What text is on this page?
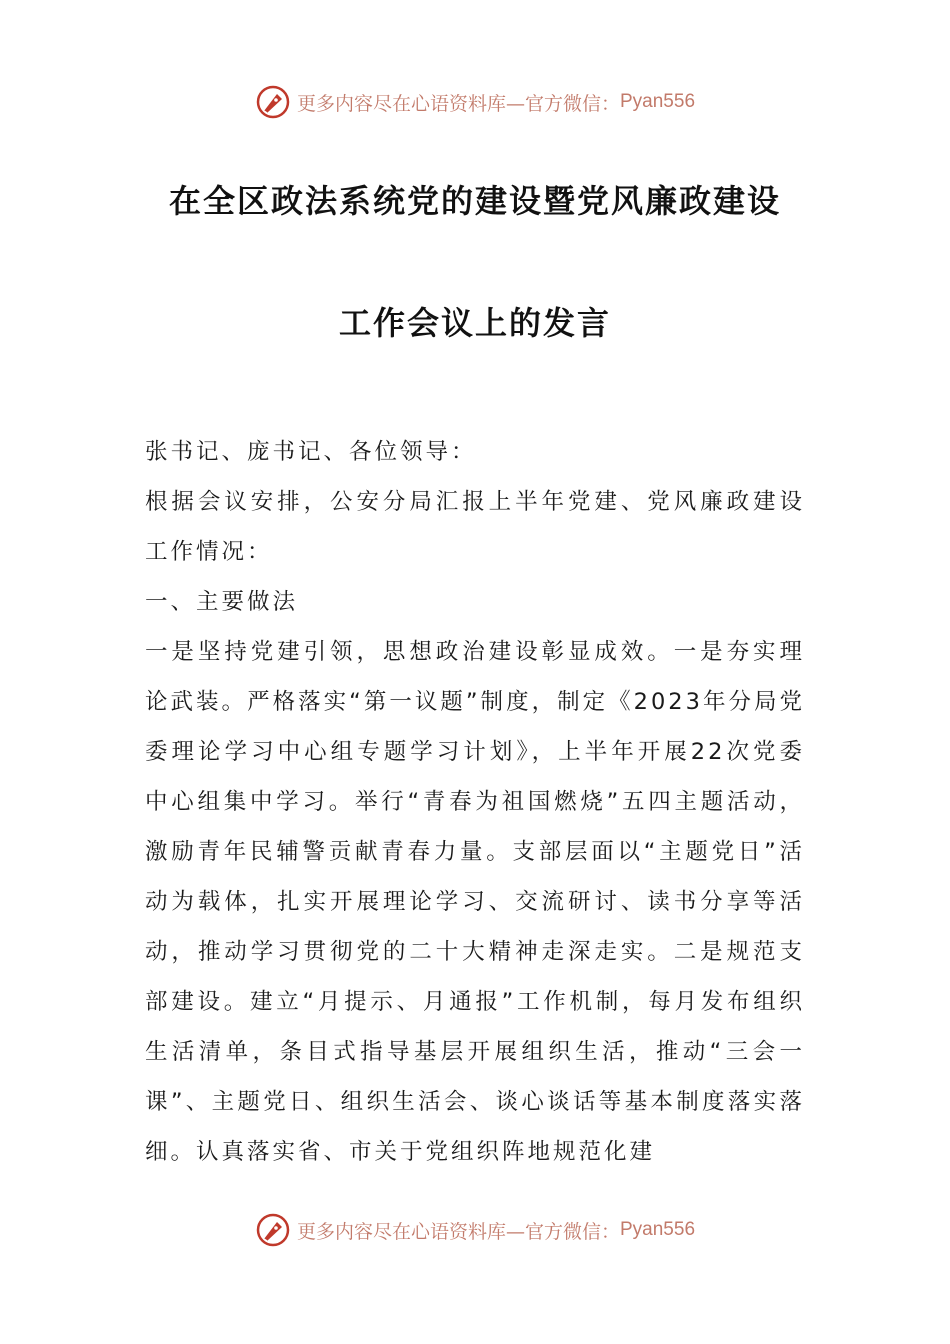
更多内容尽在心语资料库—官方微信： Pyan556
在全区政法系统党的建设暨党风廉政建设
工作会议上的发言

张书记、庞书记、各位领导：

根据会议安排，公安分局汇报上半年党建、党风廉政建设工作情况：

一、主要做法

一是坚持党建引领，思想政治建设彰显成效。一是夯实理论武装。严格落实“第一议题”制度，制定《2023年分局党委理论学习中心组专题学习计划》，上半年开展22次党委中心组集中学习。举行“青春为祖国燃烧”五四主题活动，激励青年民辅警贡献青春力量。支部层面以“主题党日”活动为载体，扎实开展理论学习、交流研讨、读书分享等活动，推动学习贯彻党的二十大精神走深走实。二是规范支部建设。建立“月提示、月通报”工作机制，每月发布组织生活清单，条目式指导基层开展组织生活，推动“三会一课”、主题党日、组织生活会、谈心谈话等基本制度落实落细。认真落实省、市关于党组织阵地规范化建

更多内容尽在心语资料库—官方微信： Pyan556
